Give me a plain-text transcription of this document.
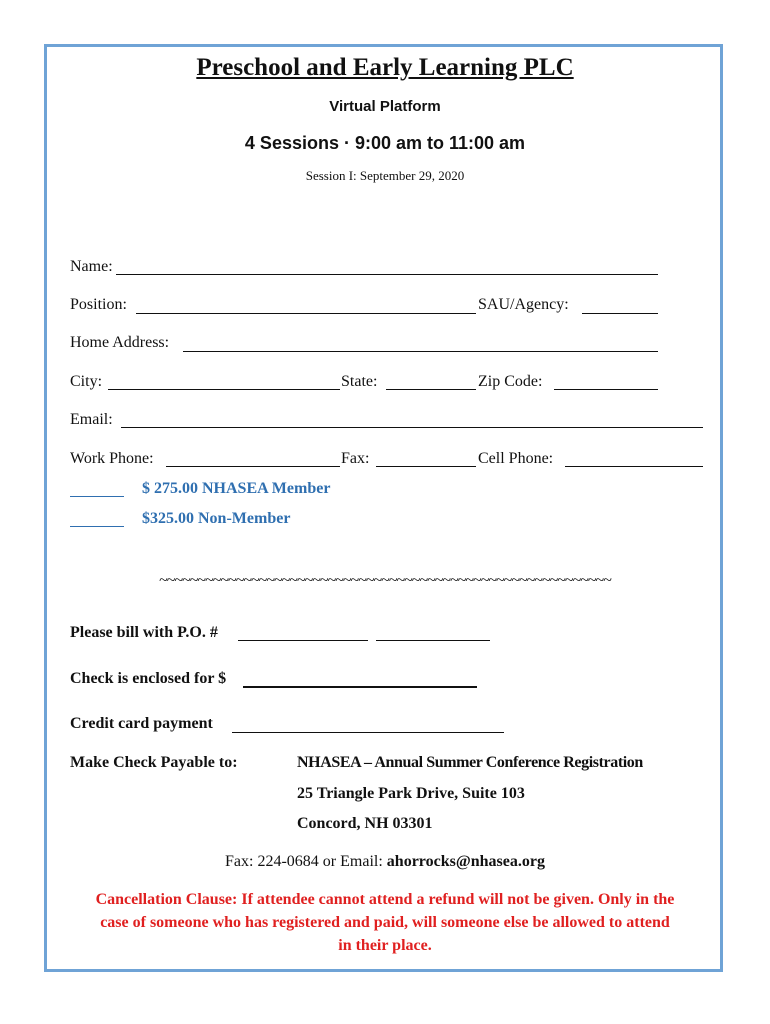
Preschool and Early Learning PLC
Virtual Platform
4 Sessions · 9:00 am to 11:00 am
Session I: September 29, 2020
Name:
Position:	SAU/Agency:
Home Address:
City:	State:	Zip Code:
Email:
Work Phone:	Fax:	Cell Phone:
$ 275.00 NHASEA Member
$325.00 Non-Member
~~~~~~~~~~~~~~~~~~~~~~~~~~~~~~~~~~~~~~~~~~~~~~~~~~~~~~~~~~~
Please bill with P.O. #
Check is enclosed for $
Credit card payment
Make Check Payable to:	NHASEA – Annual Summer Conference Registration
25 Triangle Park Drive, Suite 103
Concord, NH 03301
Fax: 224-0684 or Email: ahorrocks@nhasea.org
Cancellation Clause: If attendee cannot attend a refund will not be given. Only in the
case of someone who has registered and paid, will someone else be allowed to attend
in their place.
